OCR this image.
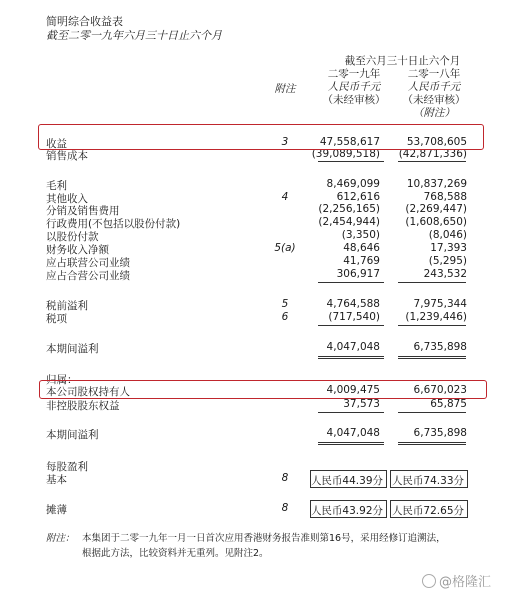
简明综合收益表
截至二零一九年六月三十日止六个月
截至六月三十日止六个月
二零一九年	二零一八年
附注	人民币千元	人民币千元
（未经审核）	（未经审核）
（附注）
收益	3	47,558,617	53,708,605
销售成本	(39,089,518) (42,871,336)
毛利	8,469,099	10,837,269
其他收入	4	612,616	768,588
分销及销售费用	(2,256,165) (2,269,447)
行政费用(不包括以股份付款)	(2,454,944) (1,608,650)
以股份付款	(3,350)	(8,046)
财务收入净额	5(a)	48,646	17,393
应占联营公司业绩	41,769	(5,295)
应占合营公司业绩	306,917	243,532
税前溢利	5	4,764,588	7,975,344
税项	6	(717,540) (1,239,446)
本期间溢利	4,047,048	6,735,898
归属：
本公司股权持有人	4,009,475	6,670,023
非控股股东权益	37,573	65,875
本期间溢利	4,047,048	6,735,898
每股盈利
基本	8	人民币44.39分 人民币74.33分
摊薄	8	人民币43.92分 人民币72.65分
附注： 本集团于二零一九年一月一日首次应用香港财务报告准则第16号，采用经修订追溯法，
根据此方法，比较资料并无重列。见附注2。
@格隆汇
